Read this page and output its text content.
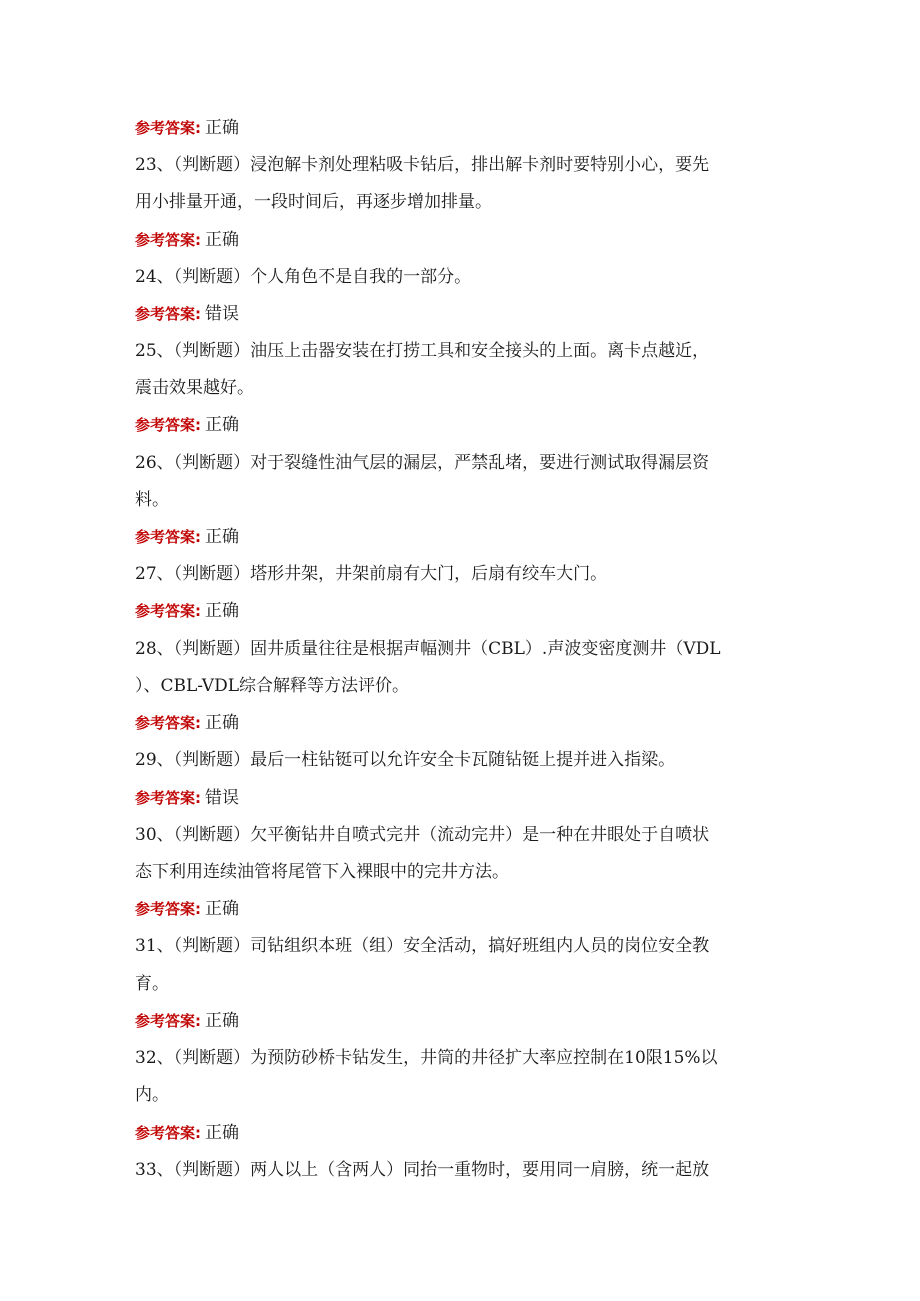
参考答案: 正确
23、（判断题）浸泡解卡剂处理粘吸卡钻后，排出解卡剂时要特别小心，要先
用小排量开通，一段时间后，再逐步增加排量。
参考答案: 正确
24、（判断题）个人角色不是自我的一部分。
参考答案: 错误
25、（判断题）油压上击器安装在打捞工具和安全接头的上面。离卡点越近，
震击效果越好。
参考答案: 正确
26、（判断题）对于裂缝性油气层的漏层，严禁乱堵，要进行测试取得漏层资
料。
参考答案: 正确
27、（判断题）塔形井架，井架前扇有大门，后扇有绞车大门。
参考答案: 正确
28、（判断题）固井质量往往是根据声幅测井（CBL）.声波变密度测井（VDL
）、CBL-VDL综合解释等方法评价。
参考答案: 正确
29、（判断题）最后一柱钻铤可以允许安全卡瓦随钻铤上提并进入指梁。
参考答案: 错误
30、（判断题）欠平衡钻井自喷式完井（流动完井）是一种在井眼处于自喷状
态下利用连续油管将尾管下入裸眼中的完井方法。
参考答案: 正确
31、（判断题）司钻组织本班（组）安全活动，搞好班组内人员的岗位安全教
育。
参考答案: 正确
32、（判断题）为预防砂桥卡钻发生，井筒的井径扩大率应控制在10限15%以
内。
参考答案: 正确
33、（判断题）两人以上（含两人）同抬一重物时，要用同一肩膀，统一起放
